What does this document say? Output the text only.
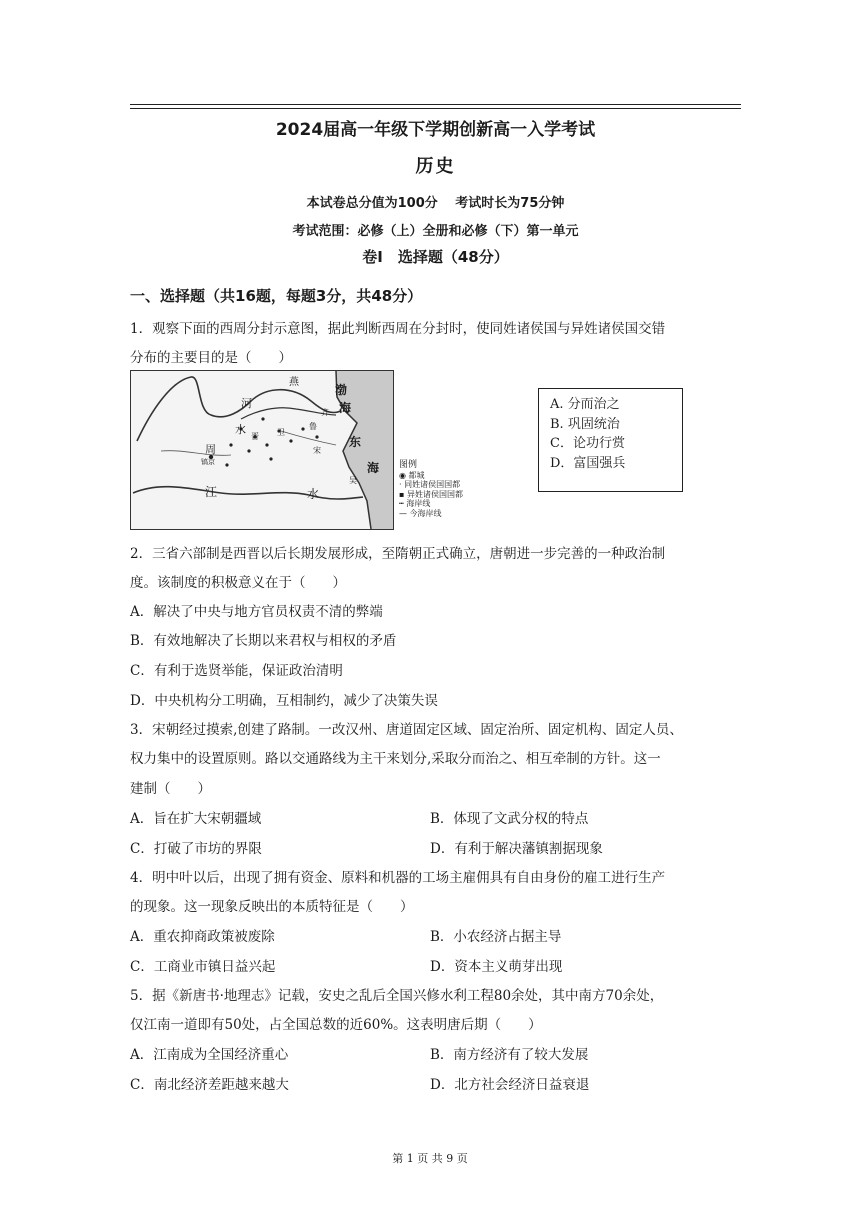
2024届高一年级下学期创新高一入学考试
历史
本试卷总分值为100分　 考试时长为75分钟
考试范围：必修（上）全册和必修（下）第一单元
卷Ⅰ　选择题（48分）
一、选择题（共16题，每题3分，共48分）
1．观察下面的西周分封示意图，据此判断西周在分封时，使同姓诸侯国与异姓诸侯国交错
分布的主要目的是（　　）
燕
渤
海
河
水
晋 卫
鲁
齐
宋
周
镐京
东
海
江	水
吴
图例
◉ 都城
· 同姓诸侯国国都
▪ 异姓诸侯国国都
┅ 海岸线
— 今海岸线
A. 分而治之
B. 巩固统治
C．论功行赏
D．富国强兵
2．三省六部制是西晋以后长期发展形成，至隋朝正式确立，唐朝进一步完善的一种政治制
度。该制度的积极意义在于（　　）
A．解决了中央与地方官员权责不清的弊端
B．有效地解决了长期以来君权与相权的矛盾
C．有利于选贤举能，保证政治清明
D．中央机构分工明确，互相制约，减少了决策失误
3．宋朝经过摸索,创建了路制。一改汉州、唐道固定区域、固定治所、固定机构、固定人员、
权力集中的设置原则。路以交通路线为主干来划分,采取分而治之、相互牵制的方针。这一
建制（　　）
A．旨在扩大宋朝疆域	B．体现了文武分权的特点
C．打破了市坊的界限	D．有利于解决藩镇割据现象
4．明中叶以后，出现了拥有资金、原料和机器的工场主雇佣具有自由身份的雇工进行生产
的现象。这一现象反映出的本质特征是（　　）
A．重农抑商政策被废除	B．小农经济占据主导
C．工商业市镇日益兴起	D．资本主义萌芽出现
5．据《新唐书·地理志》记载，安史之乱后全国兴修水利工程80余处，其中南方70余处，
仅江南一道即有50处，占全国总数的近60%。这表明唐后期（　　）
A．江南成为全国经济重心	B．南方经济有了较大发展
C．南北经济差距越来越大	D．北方社会经济日益衰退
第 1 页 共 9 页
